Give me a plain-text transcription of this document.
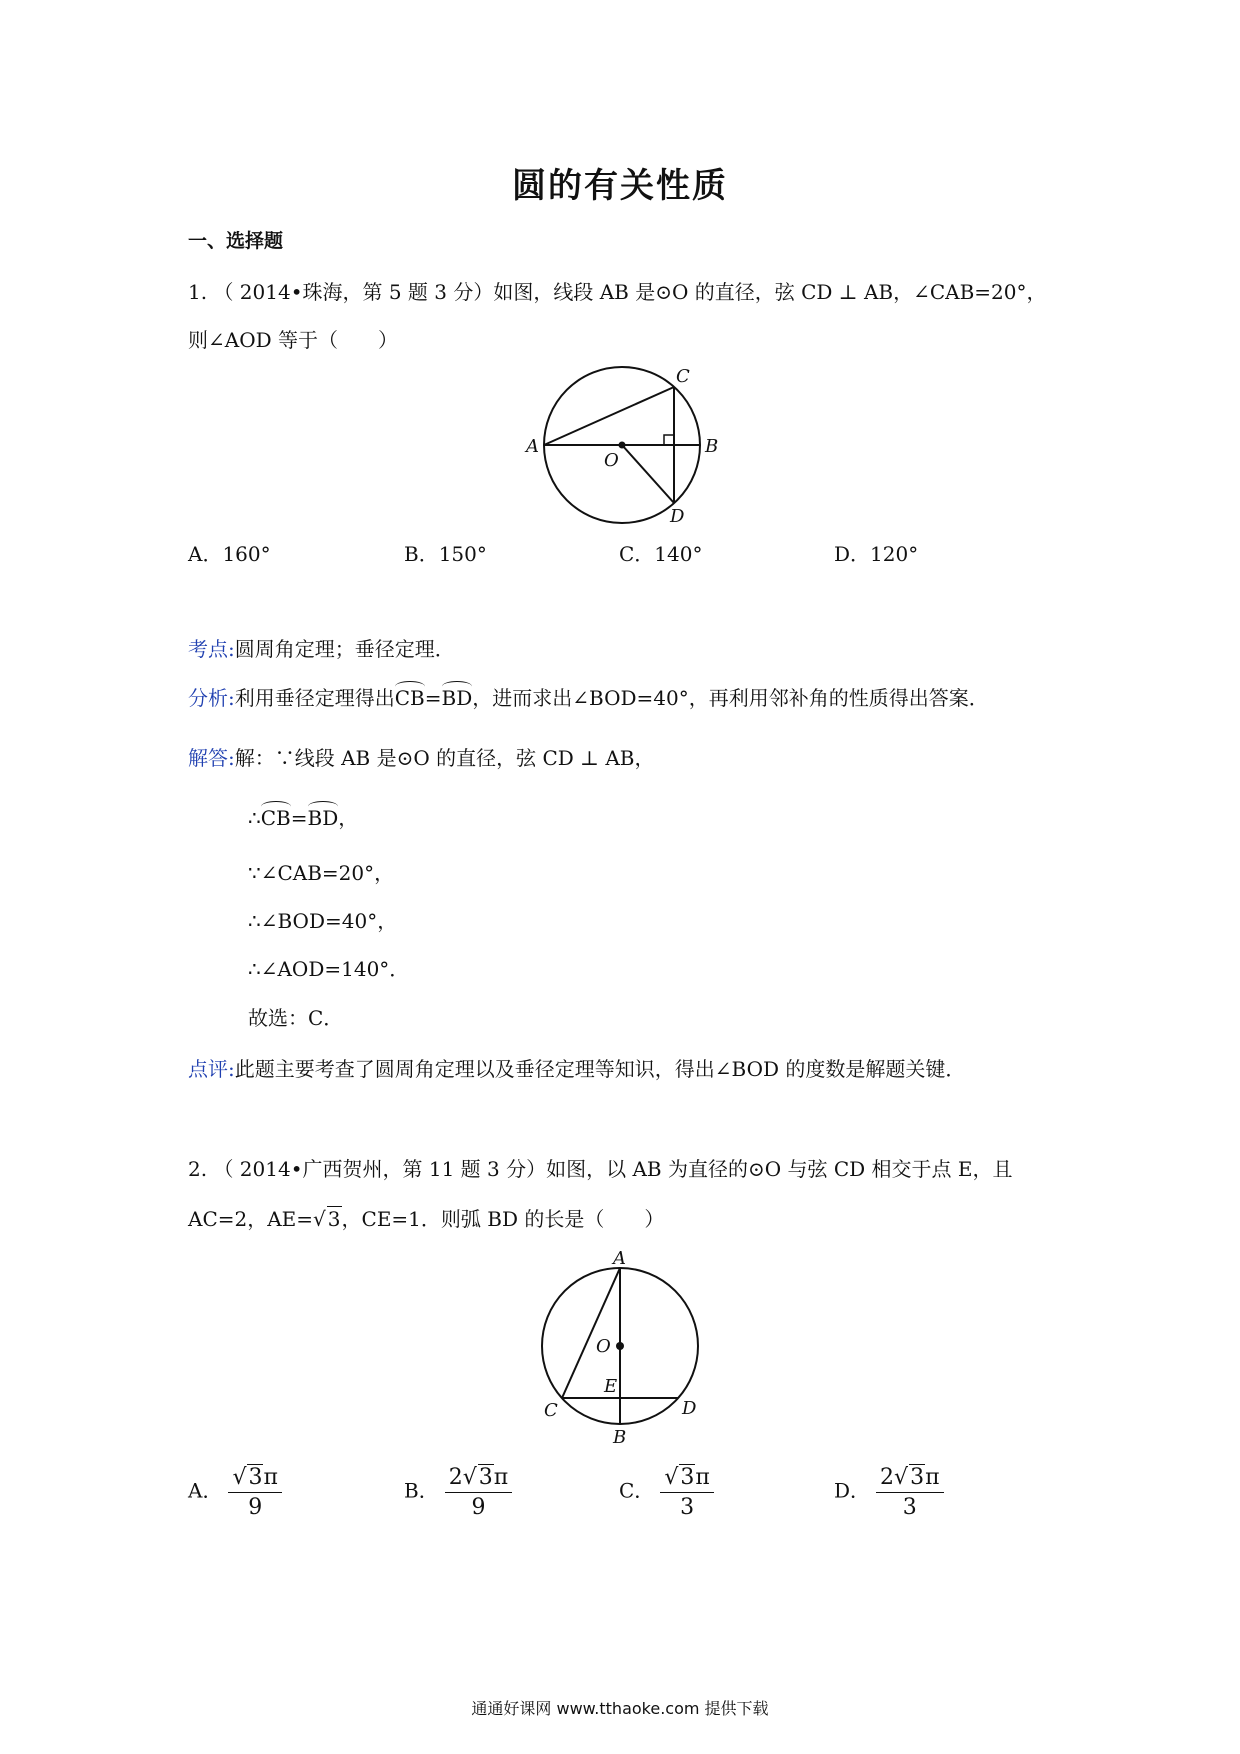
圆的有关性质
一、选择题
1. （ 2014•珠海，第 5 题 3 分）如图，线段 AB 是⊙O 的直径，弦 CD ⊥ AB，∠CAB=20°，
则∠AOD 等于（　　）
A	B
C
D
O
A．160°	B．150°	C．140°	D．120°
考点:圆周角定理；垂径定理．
分析:利用垂径定理得出CB=BD，进而求出∠BOD=40°，再利用邻补角的性质得出答案．
解答:解：∵线段 AB 是⊙O 的直径，弦 CD ⊥ AB，
∴CB=BD，
∵∠CAB=20°，
∴∠BOD=40°，
∴∠AOD=140°．
故选：C．
点评:此题主要考查了圆周角定理以及垂径定理等知识，得出∠BOD 的度数是解题关键．
2. （ 2014•广西贺州，第 11 题 3 分）如图，以 AB 为直径的⊙O 与弦 CD 相交于点 E，且
AC=2，AE=√ 3，CE=1．则弧 BD 的长是（　　）
A
O
E
C	D
B
A． $\frac{√3\pi}{9}$	B． $\frac{2√3\pi}{9}$	C． $\frac{√3\pi}{3}$	D． $\frac{2√3\pi}{3}$
通通好课网 www.tthaoke.com 提供下载
